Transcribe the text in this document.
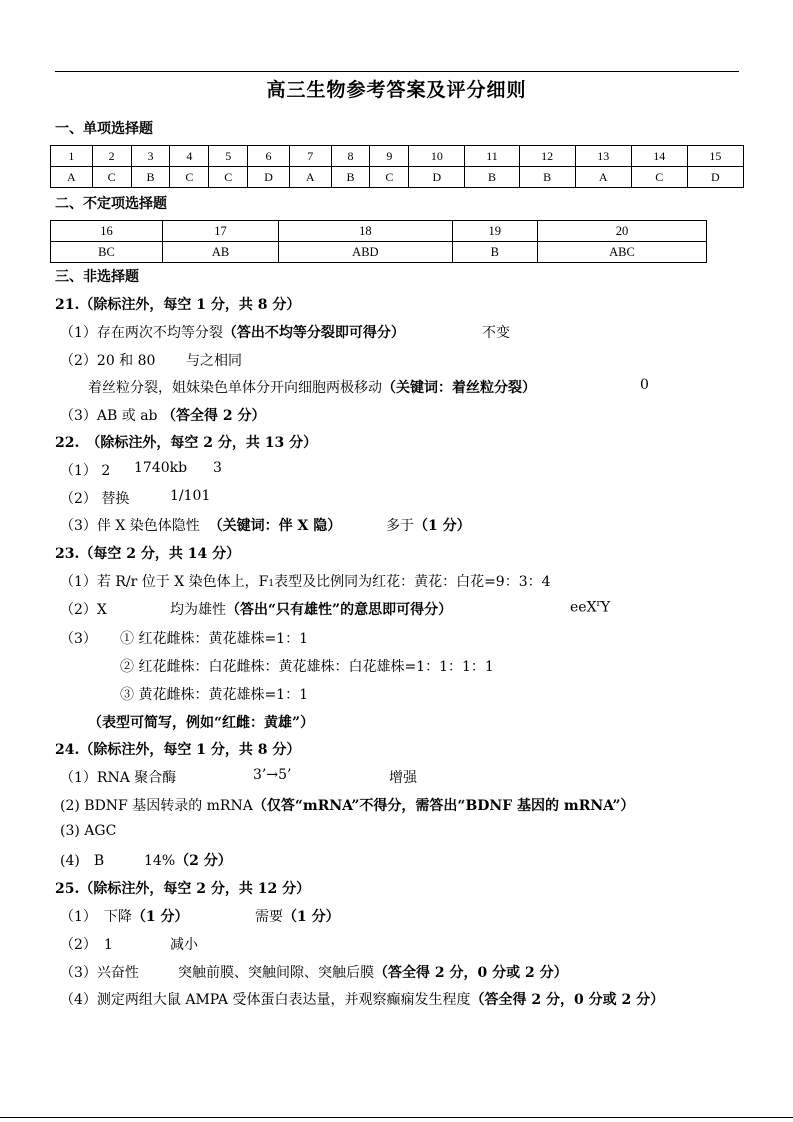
高三生物参考答案及评分细则
一、单项选择题
1	2	3	4	5	6	7	8	9	10	11	12	13	14	15
A	C	B	C	C	D	A	B	C	D	B	B	A	C	D
二、不定项选择题
16	17	18	19	20
BC	AB	ABD	B	ABC
三、非选择题
21.（除标注外，每空 1 分，共 8 分）
（1）存在两次不均等分裂（答出不均等分裂即可得分）	不变
（2）20 和 80 与之相同
着丝粒分裂，姐妹染色单体分开向细胞两极移动（关键词：着丝粒分裂）	0
（3）AB 或 ab （答全得 2 分）
22.　（除标注外，每空 2 分，共 13 分）
（1） 2 1740kb 3
（2） 替换	1/101
（3）伴 X 染色体隐性 （关键词：伴 X 隐）	多于（1 分）
23.（每空 2 分，共 14 分）
（1）若 R/r 位于 X 染色体上，F1表型及比例同为红花：黄花：白花=9：3：4
（2）X	均为雄性（答出“只有雄性”的意思即可得分）	eeX$^r$Y
（3） ① 红花雌株：黄花雄株=1：1
② 红花雌株：白花雌株：黄花雄株：白花雄株=1：1：1：1
③ 黄花雌株：黄花雄株=1：1
（表型可简写，例如“红雌：黄雄”）
24.（除标注外，每空 1 分，共 8 分）
（1）RNA 聚合酶	3’→5’	增强
(2) BDNF 基因转录的 mRNA（仅答“mRNA”不得分，需答出“BDNF 基因的 mRNA”）
(3) AGC
(4)　B	14%（2 分）
25.（除标注外，每空 2 分，共 12 分）
（1）　下降（1 分）	需要（1 分）
（2）　1	减小
（3）兴奋性	突触前膜、突触间隙、突触后膜（答全得 2 分，0 分或 2 分）
（4）测定两组大鼠 AMPA 受体蛋白表达量，并观察癫痫发生程度（答全得 2 分，0 分或 2 分）
